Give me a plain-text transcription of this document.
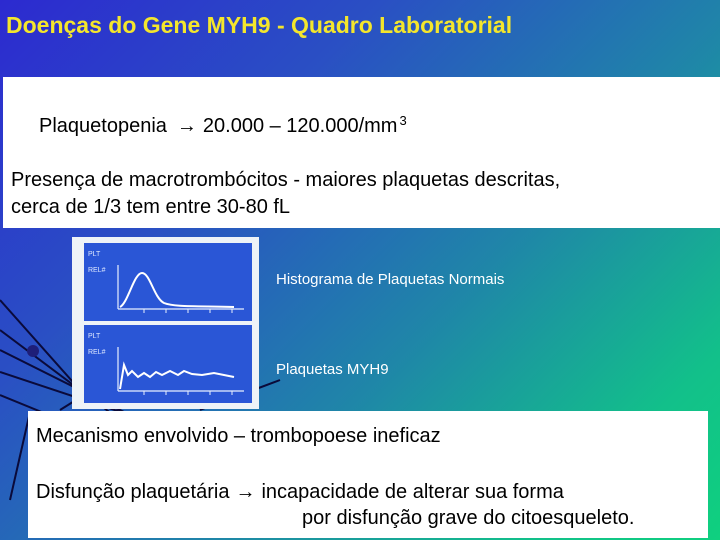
Doenças do Gene MYH9 - Quadro Laboratorial
Plaquetopenia → 20.000 – 120.000/mm $^3$
Presença de macrotrombócitos - maiores plaquetas descritas,
cerca de 1/3 tem entre 30-80 fL
PLT
REL#
PLT
REL#
Histograma de Plaquetas Normais
Plaquetas MYH9
Mecanismo envolvido – trombopoese ineficaz
Disfunção plaquetária → incapacidade de alterar sua forma
por disfunção grave do citoesqueleto.
